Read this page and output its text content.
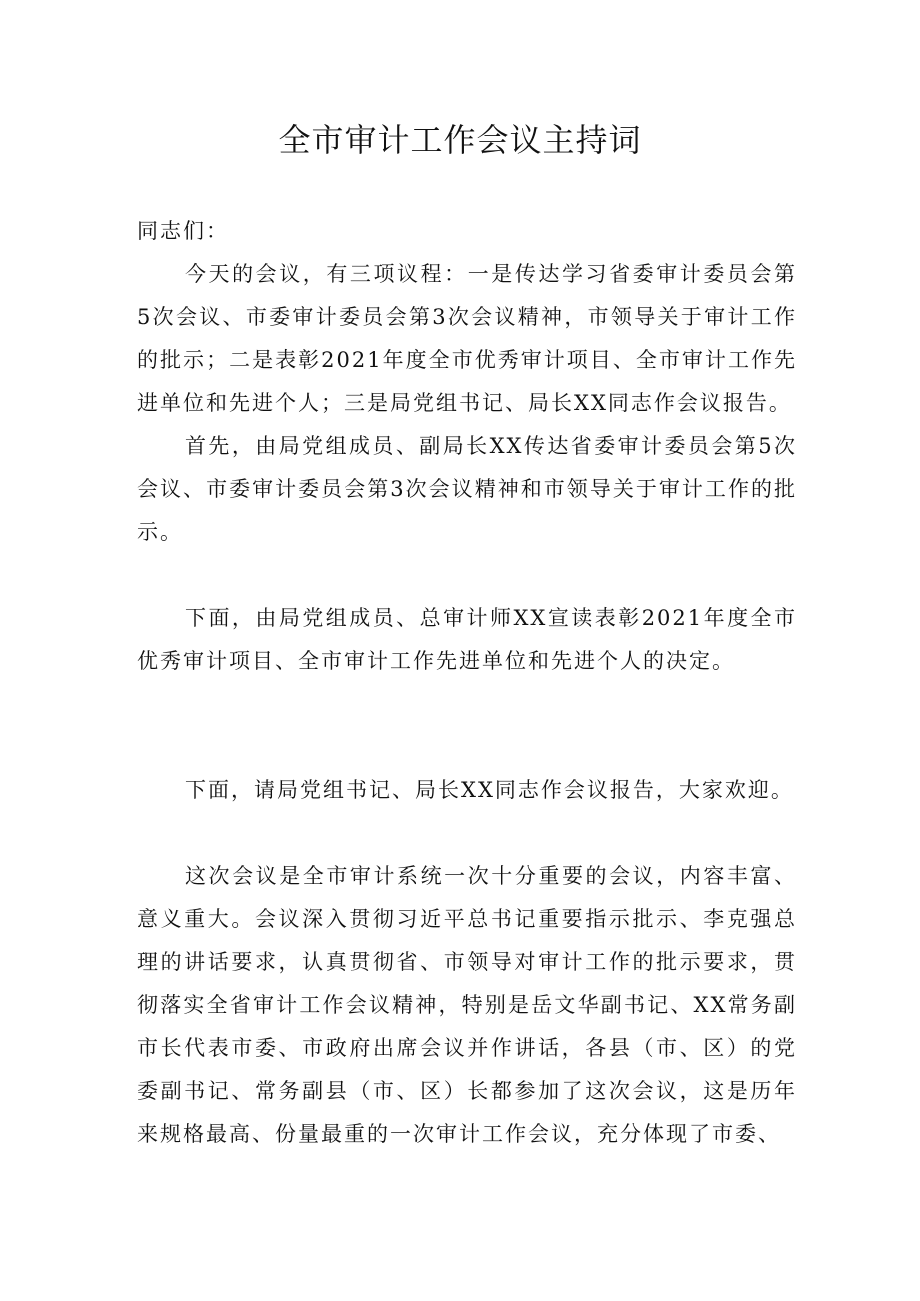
全市审计工作会议主持词

同志们：

今天的会议，有三项议程：一是传达学习省委审计委员会第5次会议、市委审计委员会第3次会议精神，市领导关于审计工作的批示；二是表彰2021年度全市优秀审计项目、全市审计工作先进单位和先进个人；三是局党组书记、局长XX同志作会议报告。

首先，由局党组成员、副局长XX传达省委审计委员会第5次会议、市委审计委员会第3次会议精神和市领导关于审计工作的批示。

下面，由局党组成员、总审计师XX宣读表彰2021年度全市优秀审计项目、全市审计工作先进单位和先进个人的决定。

下面，请局党组书记、局长XX同志作会议报告，大家欢迎。

这次会议是全市审计系统一次十分重要的会议，内容丰富、意义重大。会议深入贯彻习近平总书记重要指示批示、李克强总理的讲话要求，认真贯彻省、市领导对审计工作的批示要求，贯彻落实全省审计工作会议精神，特别是岳文华副书记、XX常务副市长代表市委、市政府出席会议并作讲话，各县（市、区）的党委副书记、常务副县（市、区）长都参加了这次会议，这是历年来规格最高、份量最重的一次审计工作会议，充分体现了市委、
